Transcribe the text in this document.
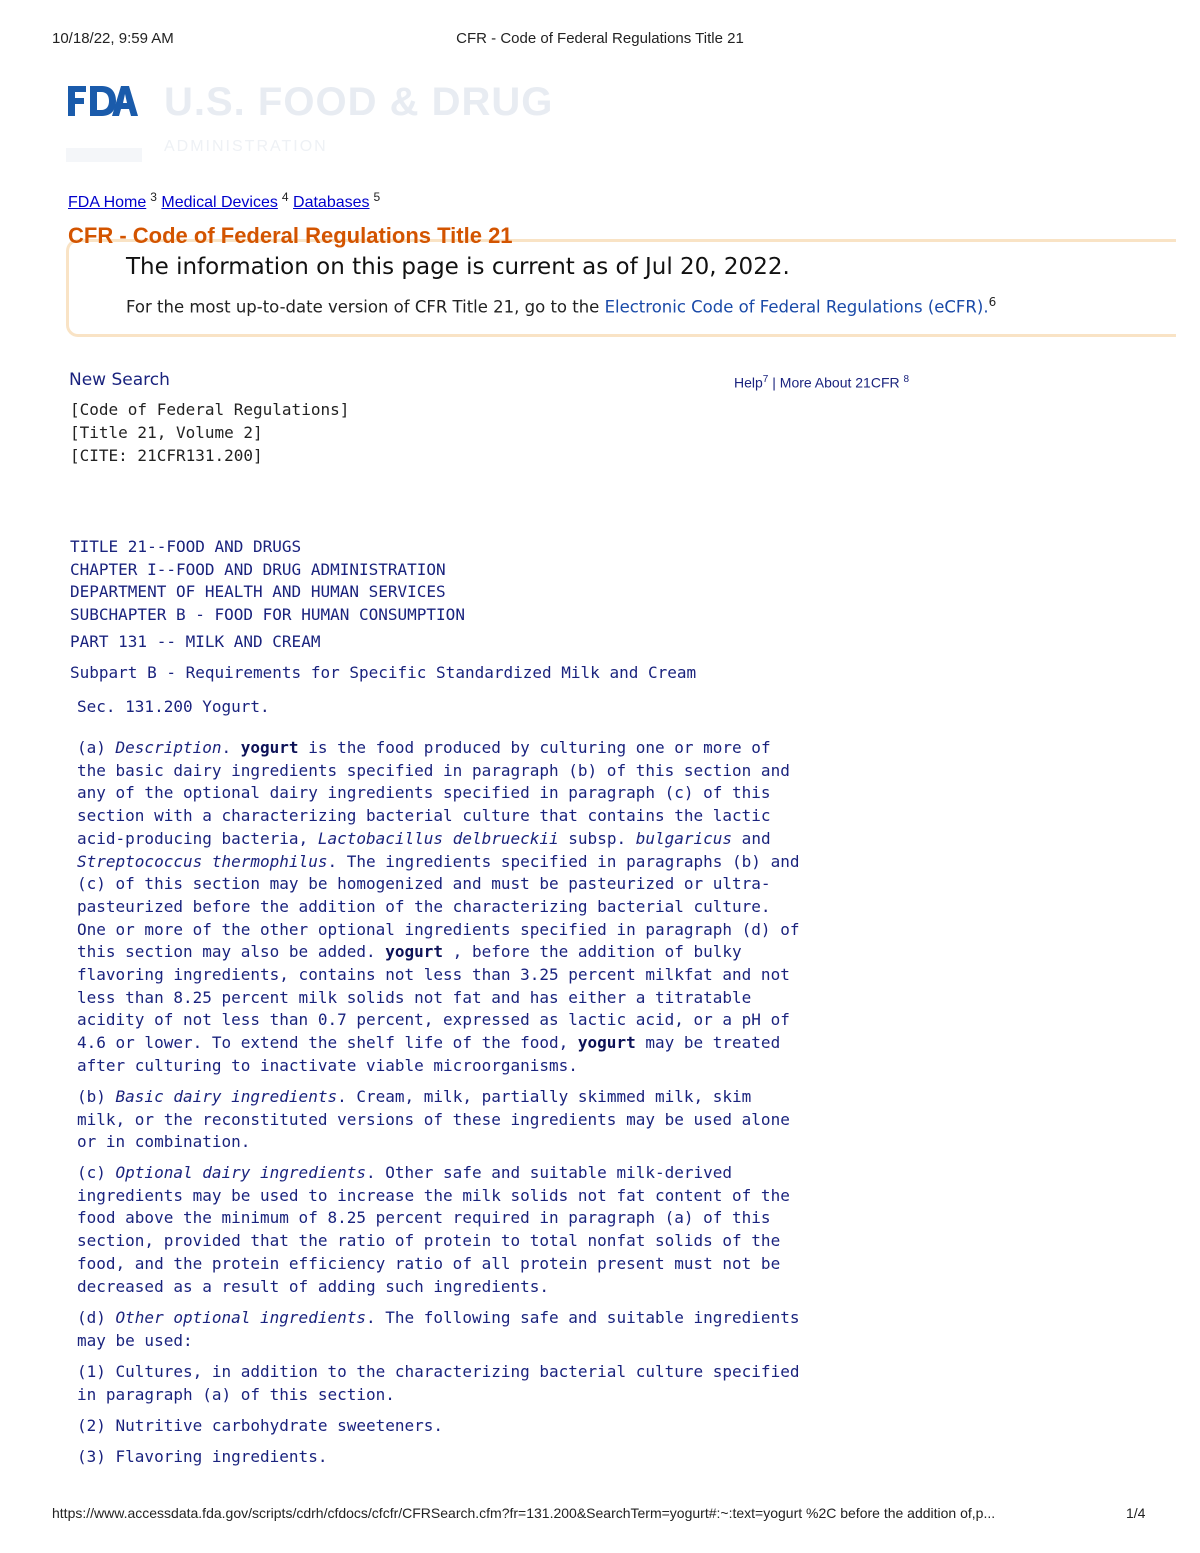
10/18/22, 9:59 AM	CFR - Code of Federal Regulations Title 21
U.S. FOOD & DRUG
ADMINISTRATION
FDA Home $^3$ Medical Devices $^4$ Databases $^5$
CFR - Code of Federal Regulations Title 21
The information on this page is current as of Jul 20, 2022.
For the most up-to-date version of CFR Title 21, go to the Electronic Code of Federal Regulations (eCFR).$^6$
New Search	Help$^7$ | More About 21CFR $^8$
[Code of Federal Regulations]
[Title 21, Volume 2]
[CITE: 21CFR131.200]
TITLE 21--FOOD AND DRUGS
CHAPTER I--FOOD AND DRUG ADMINISTRATION
DEPARTMENT OF HEALTH AND HUMAN SERVICES
SUBCHAPTER B - FOOD FOR HUMAN CONSUMPTION
PART 131 -- MILK AND CREAM
Subpart B - Requirements for Specific Standardized Milk and Cream
Sec. 131.200 Yogurt.
(a) Description. yogurt is the food produced by culturing one or more of
the basic dairy ingredients specified in paragraph (b) of this section and
any of the optional dairy ingredients specified in paragraph (c) of this
section with a characterizing bacterial culture that contains the lactic
acid-producing bacteria, Lactobacillus delbrueckii subsp. bulgaricus and
Streptococcus thermophilus. The ingredients specified in paragraphs (b) and
(c) of this section may be homogenized and must be pasteurized or ultra-
pasteurized before the addition of the characterizing bacterial culture.
One or more of the other optional ingredients specified in paragraph (d) of
this section may also be added. yogurt , before the addition of bulky
flavoring ingredients, contains not less than 3.25 percent milkfat and not
less than 8.25 percent milk solids not fat and has either a titratable
acidity of not less than 0.7 percent, expressed as lactic acid, or a pH of
4.6 or lower. To extend the shelf life of the food, yogurt may be treated
after culturing to inactivate viable microorganisms.
(b) Basic dairy ingredients. Cream, milk, partially skimmed milk, skim
milk, or the reconstituted versions of these ingredients may be used alone
or in combination.
(c) Optional dairy ingredients. Other safe and suitable milk-derived
ingredients may be used to increase the milk solids not fat content of the
food above the minimum of 8.25 percent required in paragraph (a) of this
section, provided that the ratio of protein to total nonfat solids of the
food, and the protein efficiency ratio of all protein present must not be
decreased as a result of adding such ingredients.
(d) Other optional ingredients. The following safe and suitable ingredients
may be used:
(1) Cultures, in addition to the characterizing bacterial culture specified
in paragraph (a) of this section.
(2) Nutritive carbohydrate sweeteners.
(3) Flavoring ingredients.
https://www.accessdata.fda.gov/scripts/cdrh/cfdocs/cfcfr/CFRSearch.cfm?fr=131.200&SearchTerm=yogurt#:~:text=yogurt %2C before the addition of,p...	1/4
